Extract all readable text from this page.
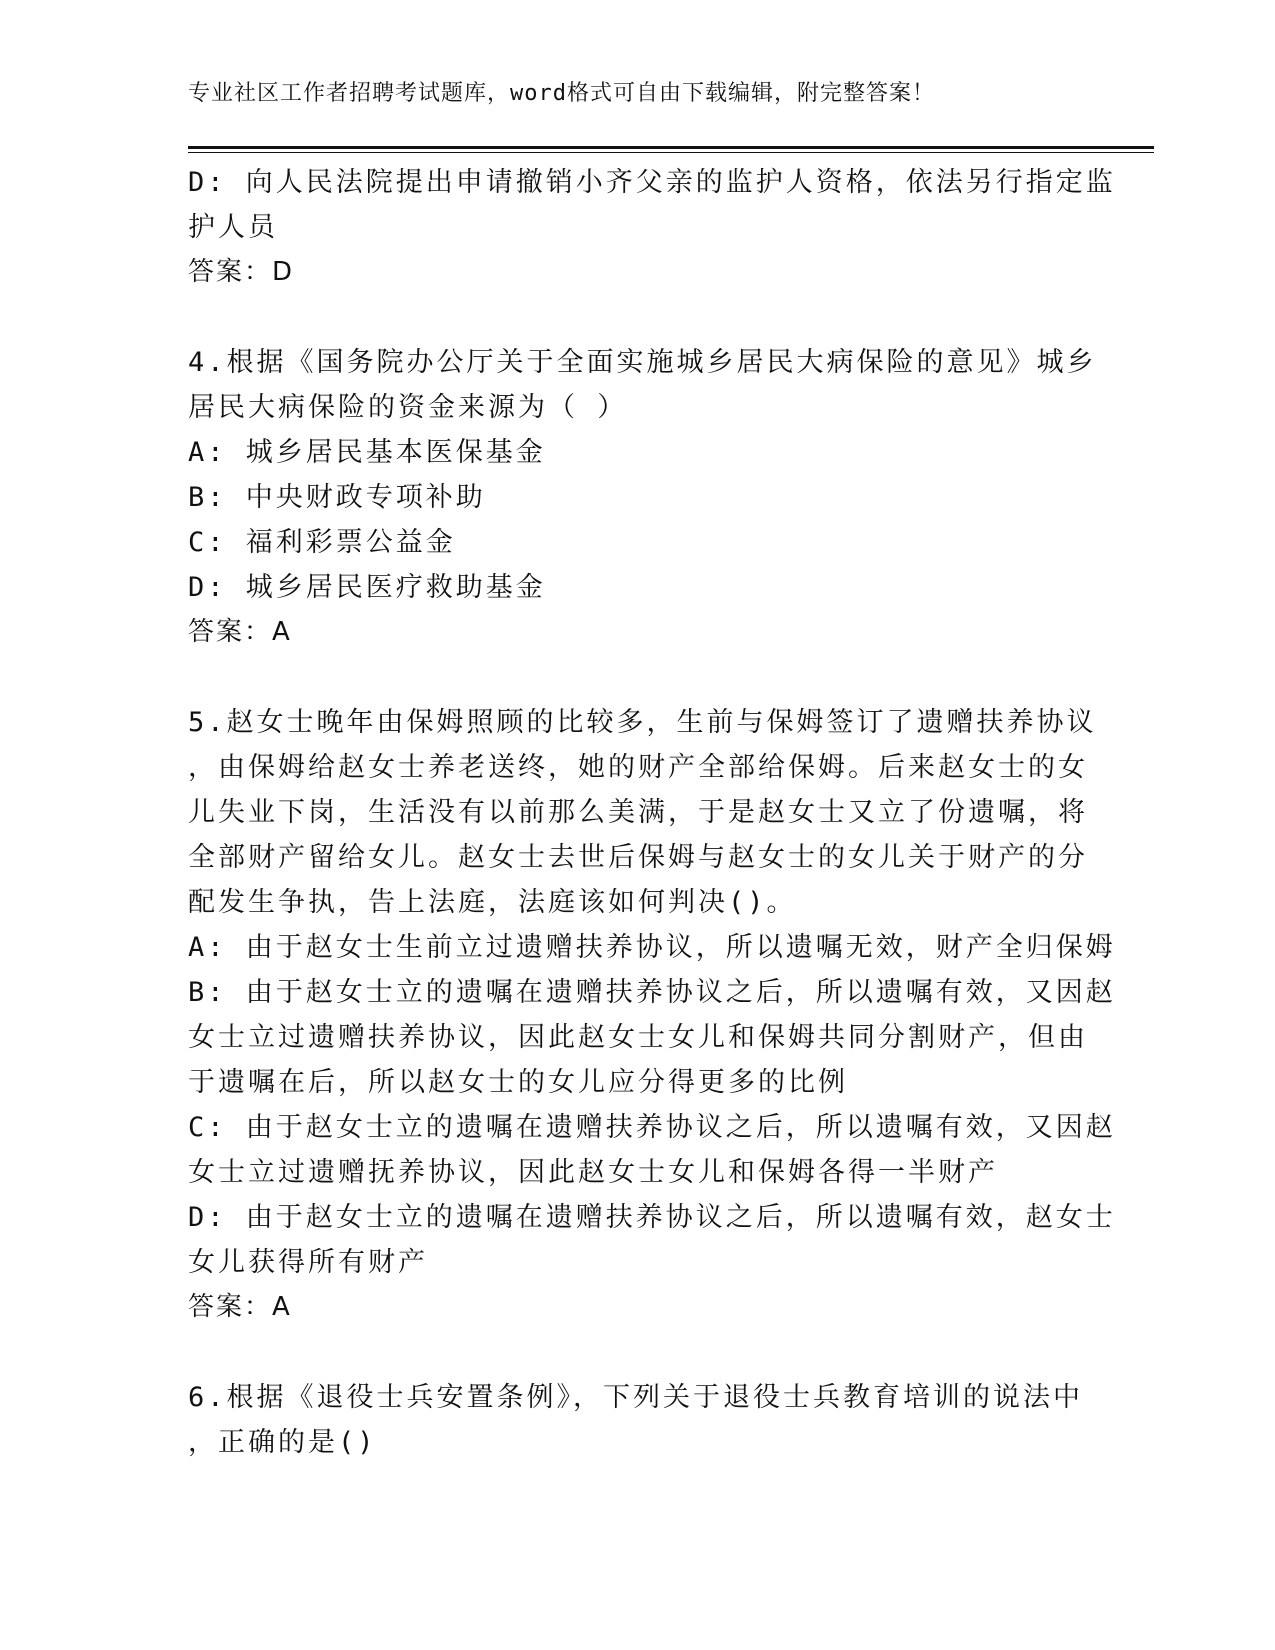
专业社区工作者招聘考试题库，word格式可自由下载编辑，附完整答案！
D: 向人民法院提出申请撤销小齐父亲的监护人资格，依法另行指定监
护人员
答案：D
4.根据《国务院办公厅关于全面实施城乡居民大病保险的意见》城乡
居民大病保险的资金来源为（ ）
A: 城乡居民基本医保基金
B: 中央财政专项补助
C: 福利彩票公益金
D: 城乡居民医疗救助基金
答案：A
5.赵女士晚年由保姆照顾的比较多，生前与保姆签订了遗赠扶养协议
，由保姆给赵女士养老送终，她的财产全部给保姆。后来赵女士的女
儿失业下岗，生活没有以前那么美满，于是赵女士又立了份遗嘱，将
全部财产留给女儿。赵女士去世后保姆与赵女士的女儿关于财产的分
配发生争执，告上法庭，法庭该如何判决()。
A: 由于赵女士生前立过遗赠扶养协议，所以遗嘱无效，财产全归保姆
B: 由于赵女士立的遗嘱在遗赠扶养协议之后，所以遗嘱有效，又因赵
女士立过遗赠扶养协议，因此赵女士女儿和保姆共同分割财产，但由
于遗嘱在后，所以赵女士的女儿应分得更多的比例
C: 由于赵女士立的遗嘱在遗赠扶养协议之后，所以遗嘱有效，又因赵
女士立过遗赠抚养协议，因此赵女士女儿和保姆各得一半财产
D: 由于赵女士立的遗嘱在遗赠扶养协议之后，所以遗嘱有效，赵女士
女儿获得所有财产
答案：A
6.根据《退役士兵安置条例》，下列关于退役士兵教育培训的说法中
，正确的是()
